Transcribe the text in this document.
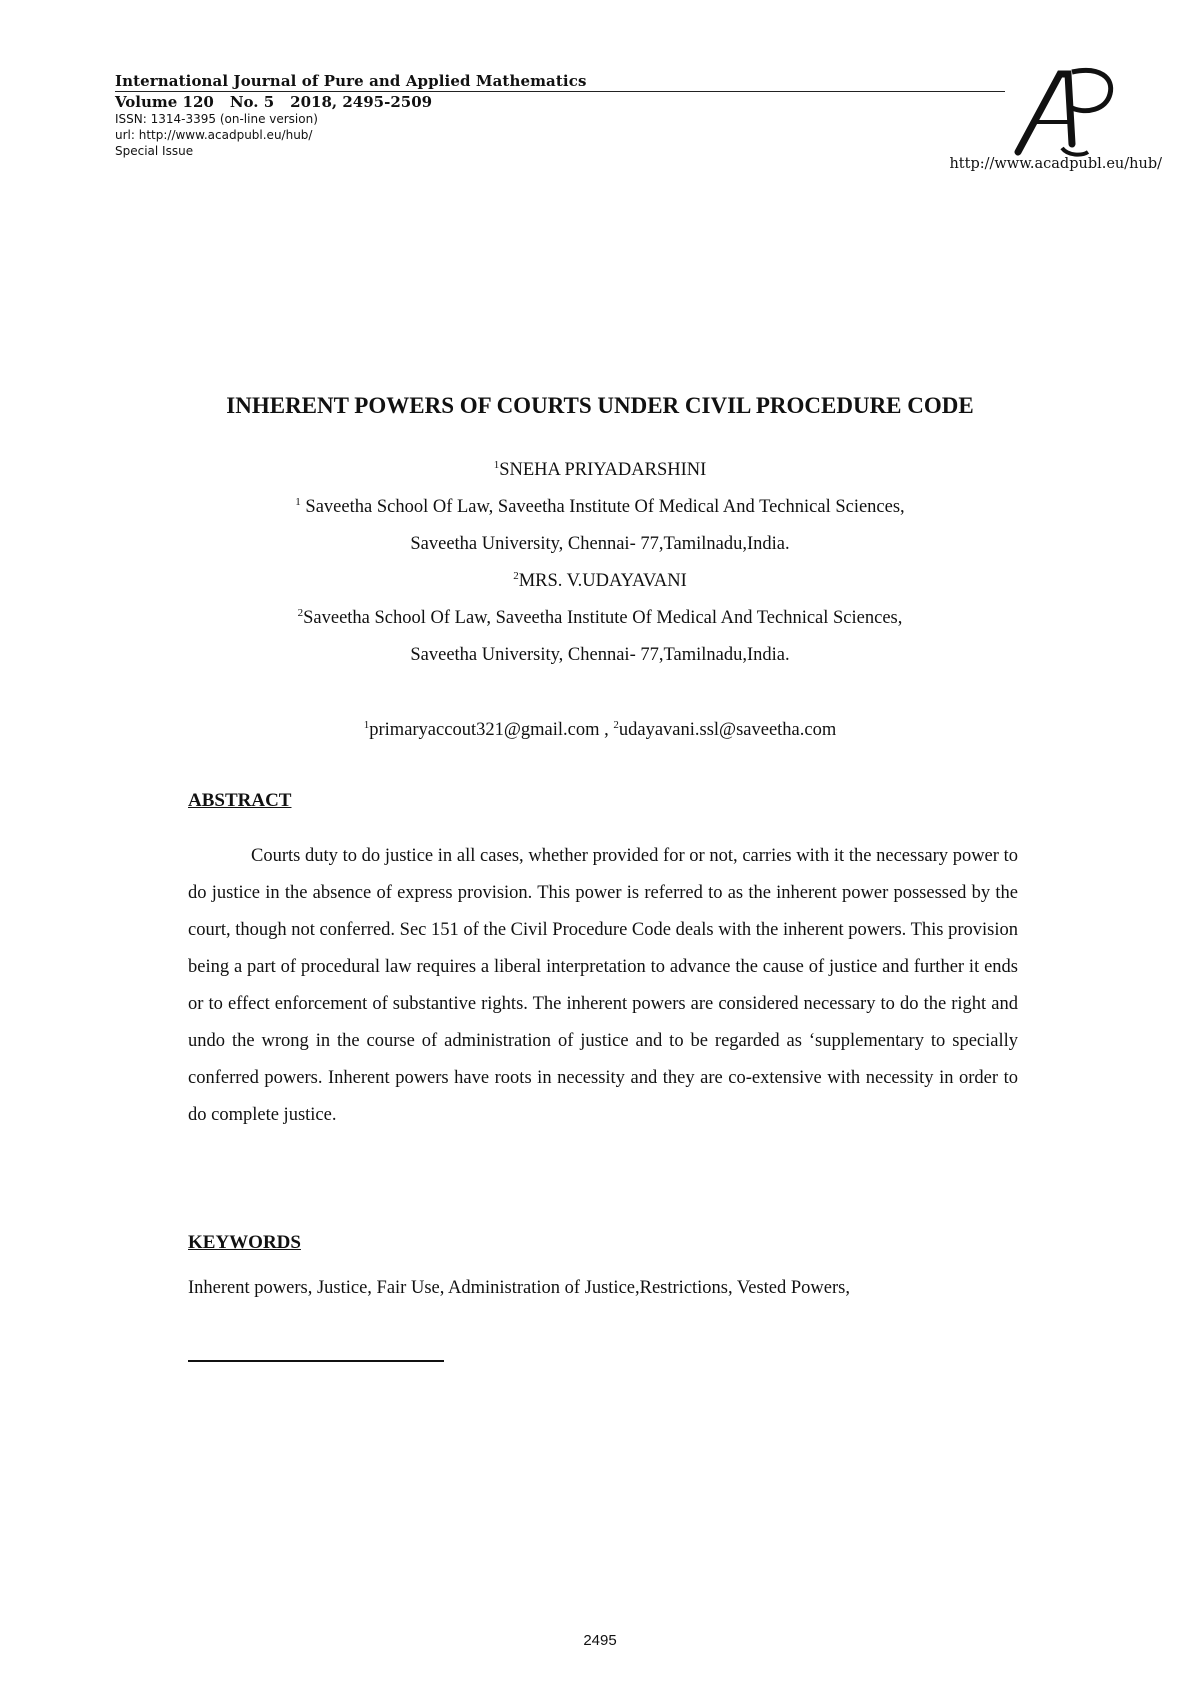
International Journal of Pure and Applied Mathematics
Volume 120 No. 5 2018, 2495-2509
ISSN: 1314-3395 (on-line version)
url: http://www.acadpubl.eu/hub/
Special Issue
http://www.acadpubl.eu/hub/
INHERENT POWERS OF COURTS UNDER CIVIL PROCEDURE CODE
$^1$SNEHA PRIYADARSHINI
$^1$ Saveetha School Of Law, Saveetha Institute Of Medical And Technical Sciences,
Saveetha University, Chennai- 77,Tamilnadu,India.
$^2$MRS. V.UDAYAVANI
$^2$Saveetha School Of Law, Saveetha Institute Of Medical And Technical Sciences,
Saveetha University, Chennai- 77,Tamilnadu,India.
$^1$primaryaccout321@gmail.com , $^2$udayavani.ssl@saveetha.com
ABSTRACT

Courts duty to do justice in all cases, whether provided for or not, carries with it the necessary power to do justice in the absence of express provision. This power is referred to as the inherent power possessed by the court, though not conferred. Sec 151 of the Civil Procedure Code deals with the inherent powers. This provision being a part of procedural law requires a liberal interpretation to advance the cause of justice and further it ends or to effect enforcement of substantive rights. The inherent powers are considered necessary to do the right and undo the wrong in the course of administration of justice and to be regarded as ‘supplementary to specially conferred powers. Inherent powers have roots in necessity and they are co-extensive with necessity in order to do complete justice.

KEYWORDS
Inherent powers, Justice, Fair Use, Administration of Justice,Restrictions, Vested Powers,
2495
